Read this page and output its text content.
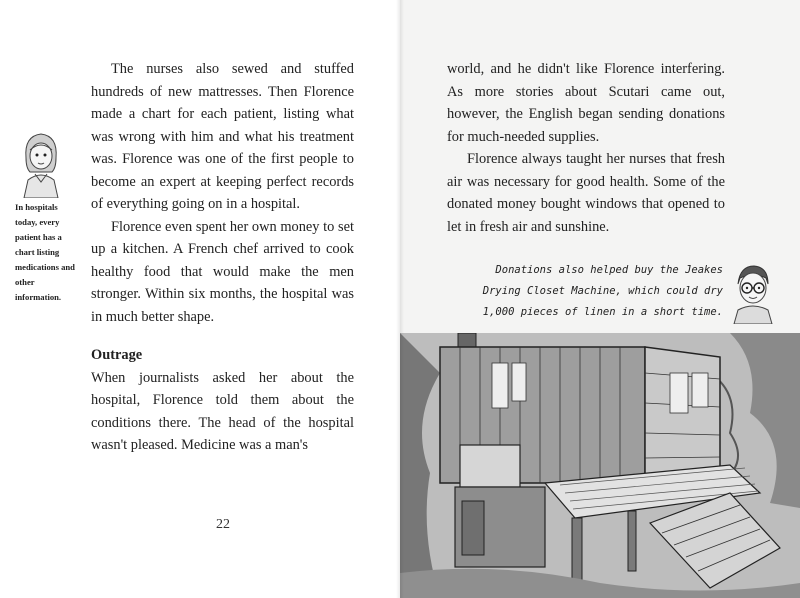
In hospitals today, every patient has a chart listing medications and other information.

The nurses also sewed and stuffed hundreds of new mattresses. Then Florence made a chart for each patient, listing what was wrong with him and what his treatment was. Florence was one of the first people to become an expert at keeping perfect records of everything going on in a hospital.

Florence even spent her own money to set up a kitchen. A French chef arrived to cook healthy food that would make the men stronger. Within six months, the hospital was in much better shape.

Outrage

When journalists asked her about the hospital, Florence told them about the conditions there. The head of the hospital wasn't pleased. Medicine was a man's

22

world, and he didn't like Florence interfering. As more stories about Scutari came out, however, the English began sending donations for much-needed supplies.

Florence always taught her nurses that fresh air was necessary for good health. Some of the donated money bought windows that opened to let in fresh air and sunshine.

Donations also helped buy the Jeakes Drying Closet Machine, which could dry 1,000 pieces of linen in a short time.
